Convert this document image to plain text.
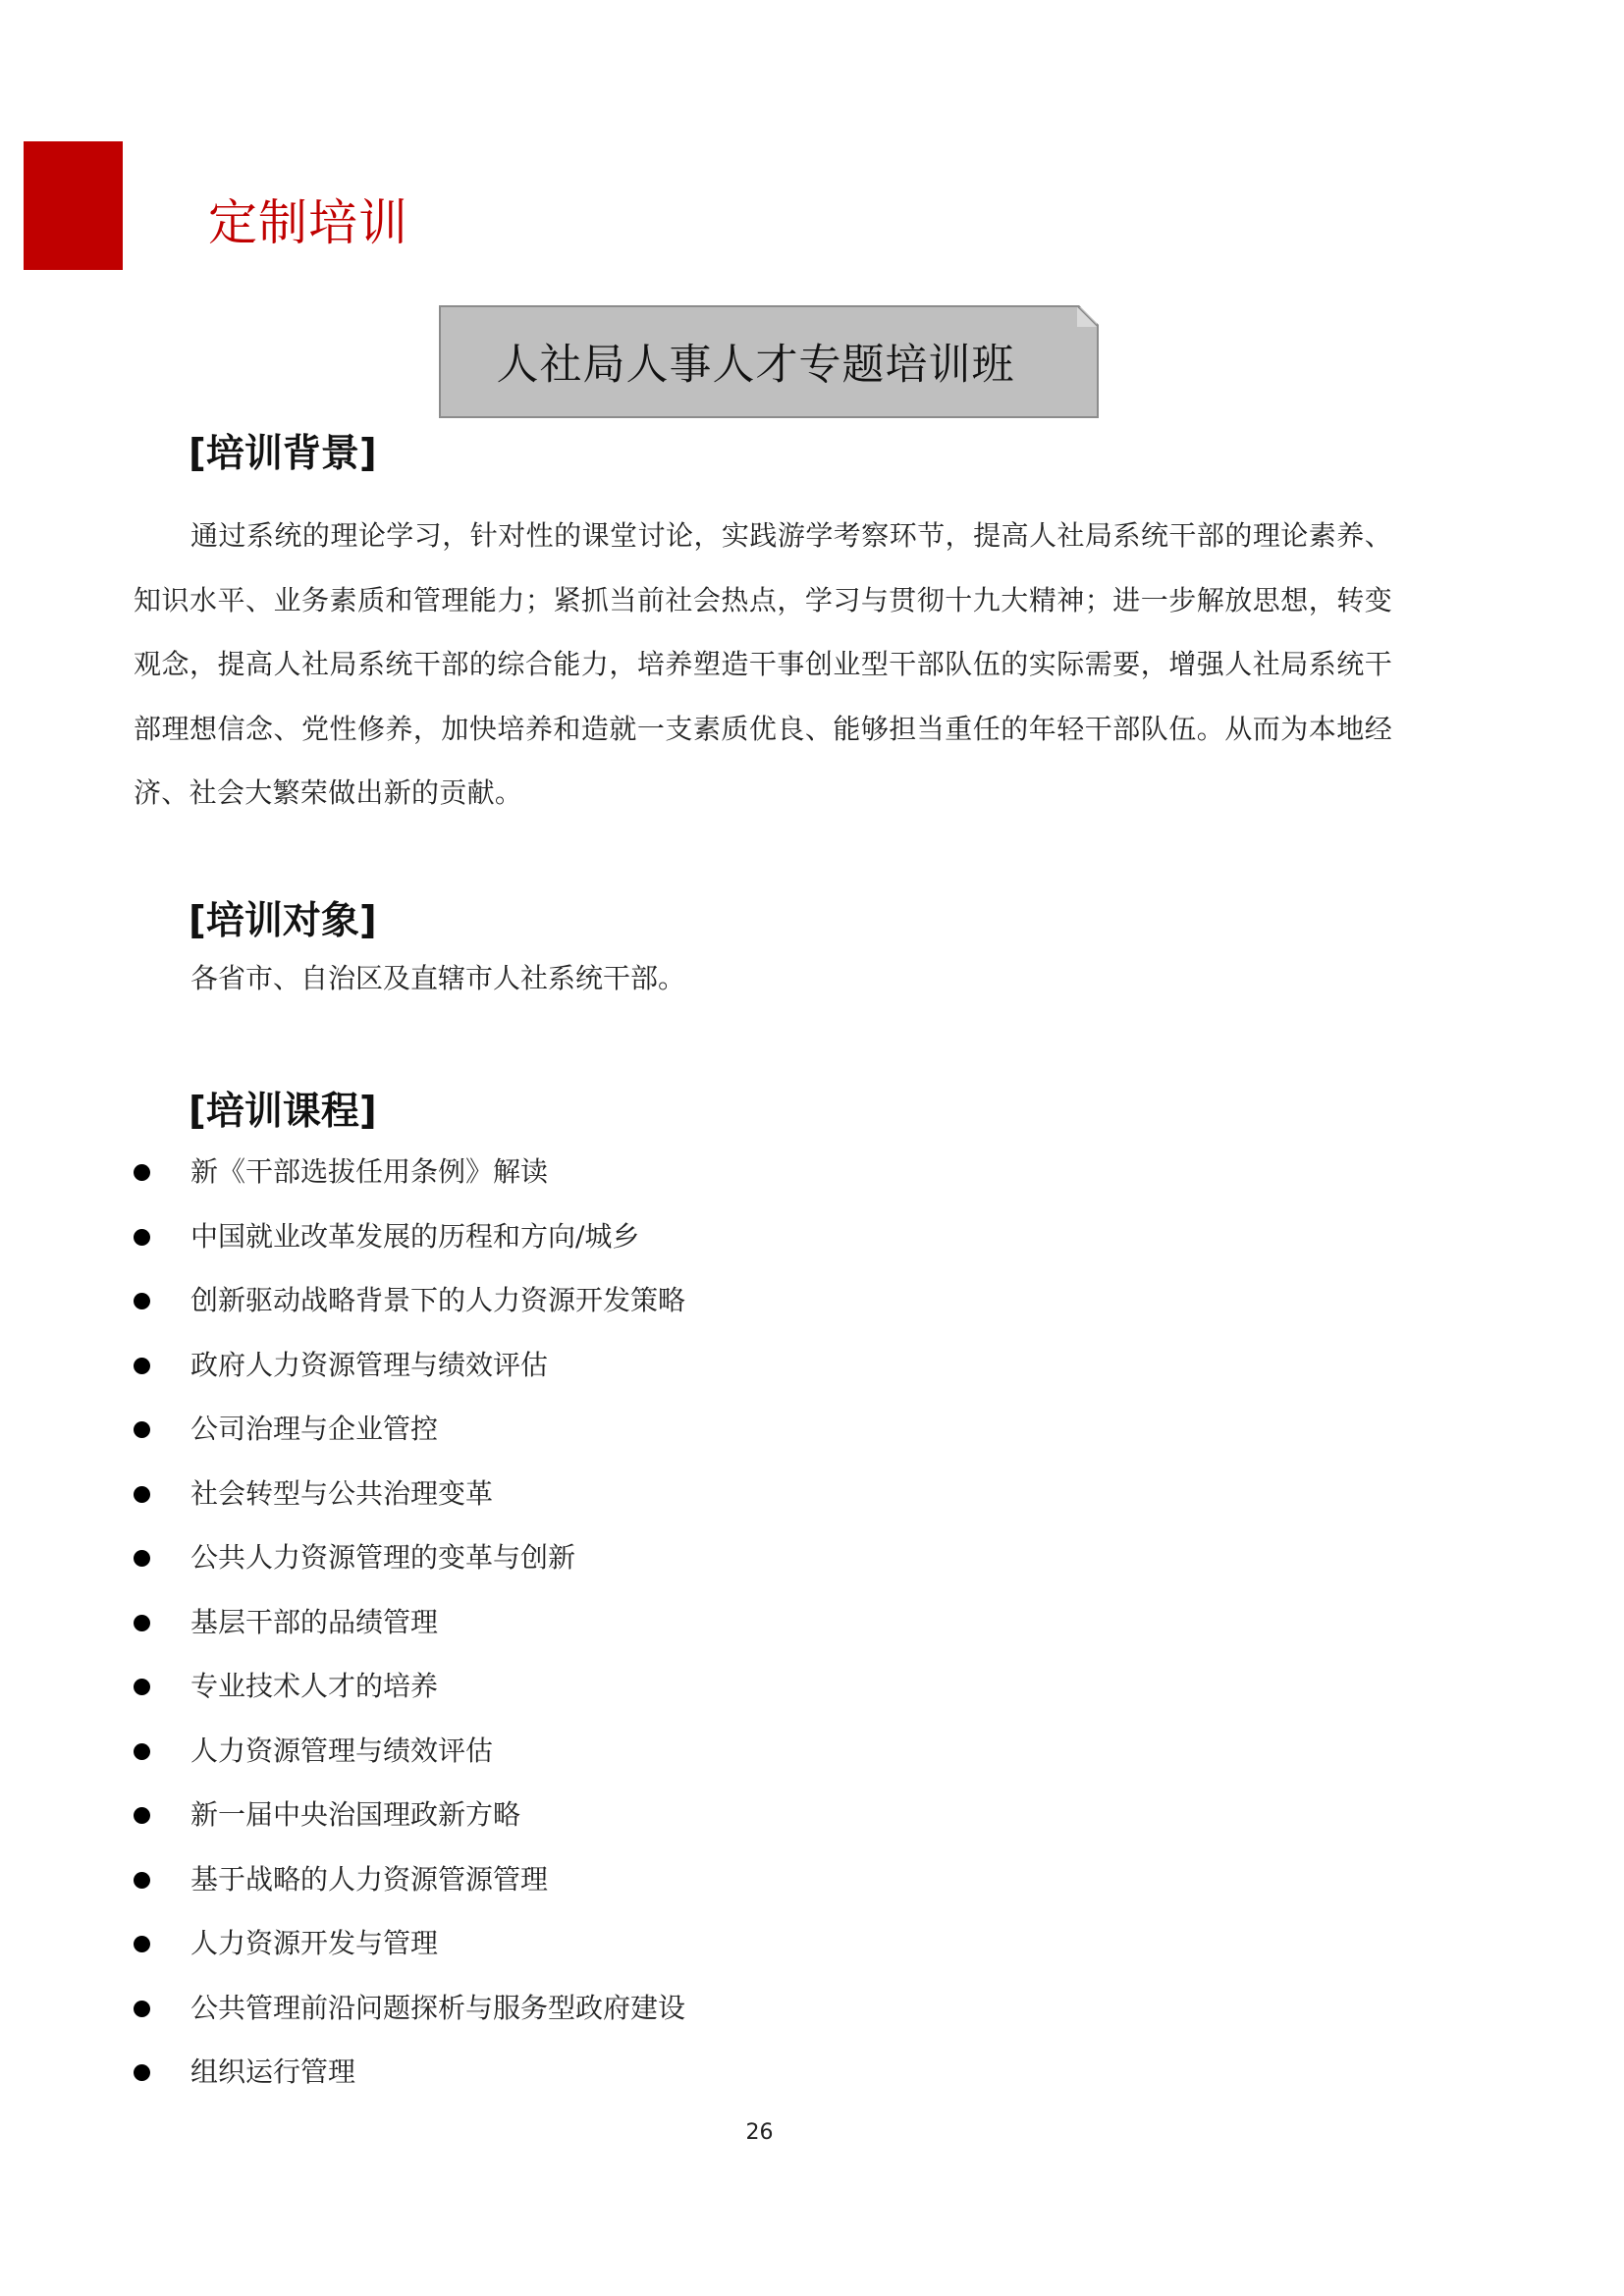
定制培训
人社局人事人才专题培训班
[培训背景]
通过系统的理论学习，针对性的课堂讨论，实践游学考察环节，提高人社局系统干部的理论素养、知识水平、业务素质和管理能力；紧抓当前社会热点，学习与贯彻十九大精神；进一步解放思想，转变观念，提高人社局系统干部的综合能力，培养塑造干事创业型干部队伍的实际需要，增强人社局系统干部理想信念、党性修养，加快培养和造就一支素质优良、能够担当重任的年轻干部队伍。从而为本地经济、社会大繁荣做出新的贡献。
[培训对象]
各省市、自治区及直辖市人社系统干部。
[培训课程]
新《干部选拔任用条例》解读
中国就业改革发展的历程和方向/城乡
创新驱动战略背景下的人力资源开发策略
政府人力资源管理与绩效评估
公司治理与企业管控
社会转型与公共治理变革
公共人力资源管理的变革与创新
基层干部的品绩管理
专业技术人才的培养
人力资源管理与绩效评估
新一届中央治国理政新方略
基于战略的人力资源管源管理
人力资源开发与管理
公共管理前沿问题探析与服务型政府建设
组织运行管理
26
